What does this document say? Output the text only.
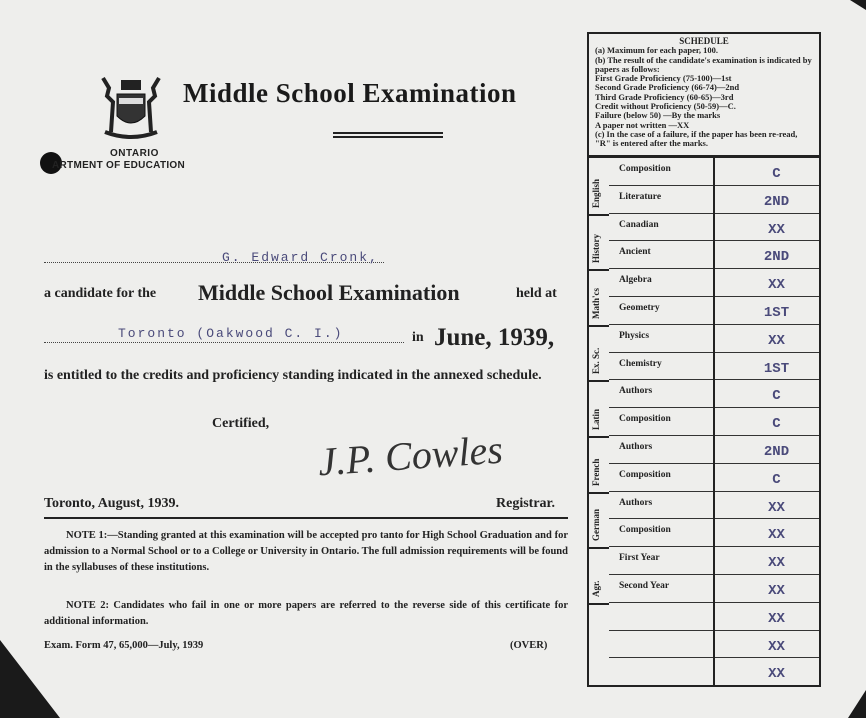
ONTARIO
ARTMENT OF EDUCATION
Middle School Examination
G. Edward Cronk,
a candidate for the Middle School Examination	held at
Toronto (Oakwood C. I.)	in June, 1939,
is entitled to the credits and proficiency standing indicated in the annexed schedule.
Certified,
J.P. Cowles
Toronto, August, 1939.	Registrar.
NOTE 1:—Standing granted at this examination will be accepted pro tanto for High School Graduation and for admission to a Normal School or to a College or University in Ontario. The full admission requirements will be found in the syllabuses of these institutions.
NOTE 2: Candidates who fail in one or more papers are referred to the reverse side of this certificate for additional information.
Exam. Form 47, 65,000—July, 1939	(OVER)
SCHEDULE
(a) Maximum for each paper, 100.
(b) The result of the candidate's examination is indicated by papers as follows:
First Grade Proficiency (75-100)—1st
Second Grade Proficiency (66-74)—2nd
Third Grade Proficiency (60-65)—3rd
Credit without Proficiency (50-59)—C.
Failure (below 50) —By the marks
A paper not written —XX
(c) In the case of a failure, if the paper has been re-read, "R" is entered after the marks.
English
Composition	C
Literature	2ND
History
Canadian	XX
Ancient	2ND
Math'cs
Algebra	XX
Geometry	1ST
Ex. Sc.
Physics	XX
Chemistry	1ST
Latin
Authors	C
Composition	C
French
Authors	2ND
Composition	C
German
Authors	XX
Composition	XX
Agr.
First Year	XX
Second Year	XX
XX
XX
XX
